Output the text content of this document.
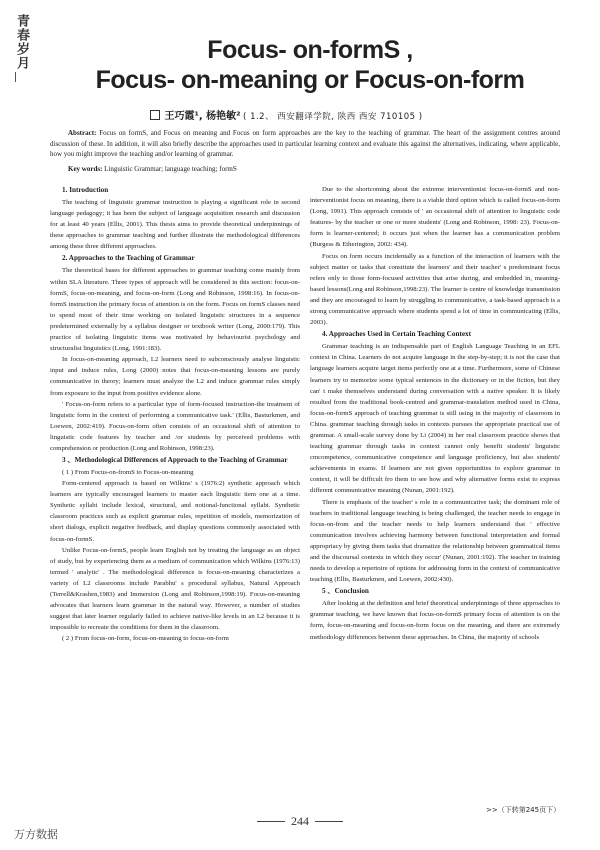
青春岁月	Focus- on-formS ,
Focus- on-meaning or Focus-on-form
王巧霞¹, 杨艳敏² ( 1.2、 西安翻译学院, 陕西 西安 710105 )
Abstract: Focus on formS, and Focus on meaning and Focus on form approaches are the key to the teaching of grammar. The heart of the assignment centres around discussion of these. In addition, it will also briefly describe the approaches used in particular learning context and evaluate this against the alternatives, indicating, where applicable, how you might improve the teaching and/or learning of grammar.
Key words: Linguistic Grammar; language teaching; formS
1. Introduction

The teaching of linguistic grammar instruction is playing a significant role in second language pedagogy; it has been the subject of language acquisition research and discussion for at least 40 years (Ellis, 2001). This thesis aims to provide theoretical underpinnings of these approaches to grammar teaching and further illustrate the methodological differences among these three different approaches.

2. Approaches to the Teaching of Grammar

The theoretical bases for different approaches to grammar teaching come mainly from within SLA literature. Three types of approach will be considered in this section: focus-on-formS, focus-on-meaning, and focus-on-form (Long and Robinson, 1998:16). In focus-on-formS instruction the primary focus of attention is on the form. Focus on formS classes need to spend most of their time working on isolated linguistic structures in a sequence predetermined externally by a syllabus designer or textbook writer (Long, 2000:179). This practice of isolating linguistic items was motivated by behaviourist psychology and structuralist linguistics (Long, 1991:183).

In focus-on-meaning approach, L2 learners need to subconsciously analyse linguistic input and induce rules, Long (2000) notes that focus-on-meaning lessons are purely communicative in theory; learners must analyze the L2 and induce grammar rules simply from exposure to the input from positive evidence alone.

' Focus-on-form refers to a particular type of form-focused instruction-the treatment of linguistic form in the context of performing a communicative task.' (Ellis, Basturkmen, and Loewen, 2002:419). Focus-on-form often consists of an occasional shift of attention to linguistic code features by teacher and /or students by perceived problems with comprehension or production (Long and Robinson, 1998:23).

3 、Methodological Differences of Approach to the Teaching of Grammar
( 1 ) From Focus-on-fromS to Focus-on-meaning

Form-centered approach is based on Wilkins' s (1976:2) synthetic approach which learners are typically encouraged learners to master each linguistic item one at a time. Synthetic syllabi include lexical, structural, and notional-functional syllabi. Synthetic classroom practices such as explicit grammar rules, repetition of models, memorization of short dialogs, explicit negative feedback, and display questions commonly associated with focus-on-formS.

Unlike Focus-on-formS, people learn English not by treating the language as an object of study, but by experiencing them as a medium of communication which Wilkins (1976:13) termed ' analytic' . The methodological difference is focus-on-meaning characterizes a variety of L2 classrooms include Parabhu' s procedural syllabus, Natural Approach (Terrell&Krashen,1983) and Immersion (Long and Robinson,1998:19). Focus-on-meaning advocates that learners learn grammar in the natural way. However, a number of studies suggest that later learner regularly failed to achieve native-like levels in an L2 because it is impossible to recreate the conditions for them in the classroom.

( 2 ) From focus-on-form, focus-on-meaning to focus-on-form

Due to the shortcoming about the extreme interventionist focus-on-formS and non-interventionist focus on meaning, there is a viable third option which is called focus-on-form (Long, 1991). This approach consists of ' an occasional shift of attention to linguistic code features- by the teacher or one or more students' (Long and Robinson, 1998: 23). Focus-on-form is learner-centered; it occurs just when the learner has a communication problem (Burgess & Etherington, 2002: 434).

Focus on form occurs incidentally as a function of the interaction of learners with the subject matter or tasks that constitute the learners' and their teacher' s predominant focus refers only to those form-focused activities that arise during, and embedded in, meaning-based lessons(Long and Robinson,1998:23). The learner is centre of knowledge transmission and they are encouraged to learn by struggling to communicative, a task-based approach is a strong communicative approach where students spend a lot of time in communicating (Ellis, 2003).

4. Approaches Used in Certain Teaching Context

Grammar teaching is an indispensable part of English Language Teaching in an EFL context in China. Learners do not acquire language in the step-by-step; it is not the case that language learners acquire target items perfectly one at a time. Furthermore, some of Chinese learners try to memorize some typical sentences in the dictionary or in the fiction, but they can' t make themselves understand during conversation with a native speaker. It is likely resulted from the traditional book-centred and grammar-translation method used in China, focus-on-formS approach of teaching grammar is still using in the majority of classroom in China. grammar teaching through tasks in contexts pursues the appropriate practical use of grammar. A small-scale survey done by Li (2004) in her real classroom practice shows that teaching grammar through tasks in context cannot only benefit students' linguistic cmcompetence, communicative competence and language proficiency, but also students' achievements in exams. If learners are not given opportunities to explore grammar in context, it will be difficult fro them to see how and why alternative forms exist to express different communicative meaning (Nunan, 2001:192).

There is emphasis of the teacher' s role in a communicative task; the dominant role of teachers in traditional language teaching is being challenged, the teacher needs to engage in focus-on-from and the teacher needs to help learners understand that ' effective communication involves achieving harmony between functional interpretation and formal appropriacy by giving them tasks that dramatize the relationship between grammatical items and the discoursal contexts in which they occur' (Nunan, 2001:192). The teacher in training needs to develop a repertoire of options for addressing form in the context of communicative teaching (Ellis, Basturkmen, and Loewen, 2002:430).

5 、Conclusion

After looking at the definition and brief theoretical underpinnings of three approaches to grammar teaching, we have known that focus-on-formS primary focus of attention is on the form, focus-on-meaning and focus-on-form focus on the meaning, and there are extremely methodology differences between these approaches. In China, the majority of schools

>>（下转第245页下）
244
万方数据
